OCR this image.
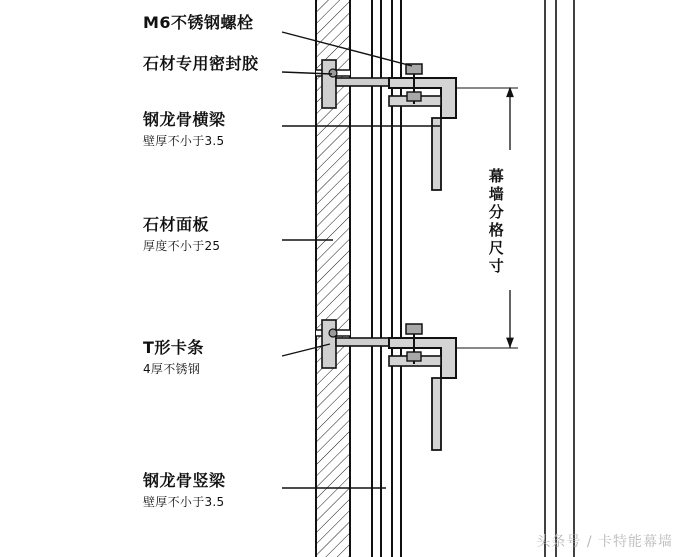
M6不锈钢螺栓
石材专用密封胶
钢龙骨横梁
壁厚不小于3.5
石材面板
厚度不小于25
T形卡条
4厚不锈钢
钢龙骨竖梁
壁厚不小于3.5
幕墙分格尺寸
头条号 / 卡特能幕墙
